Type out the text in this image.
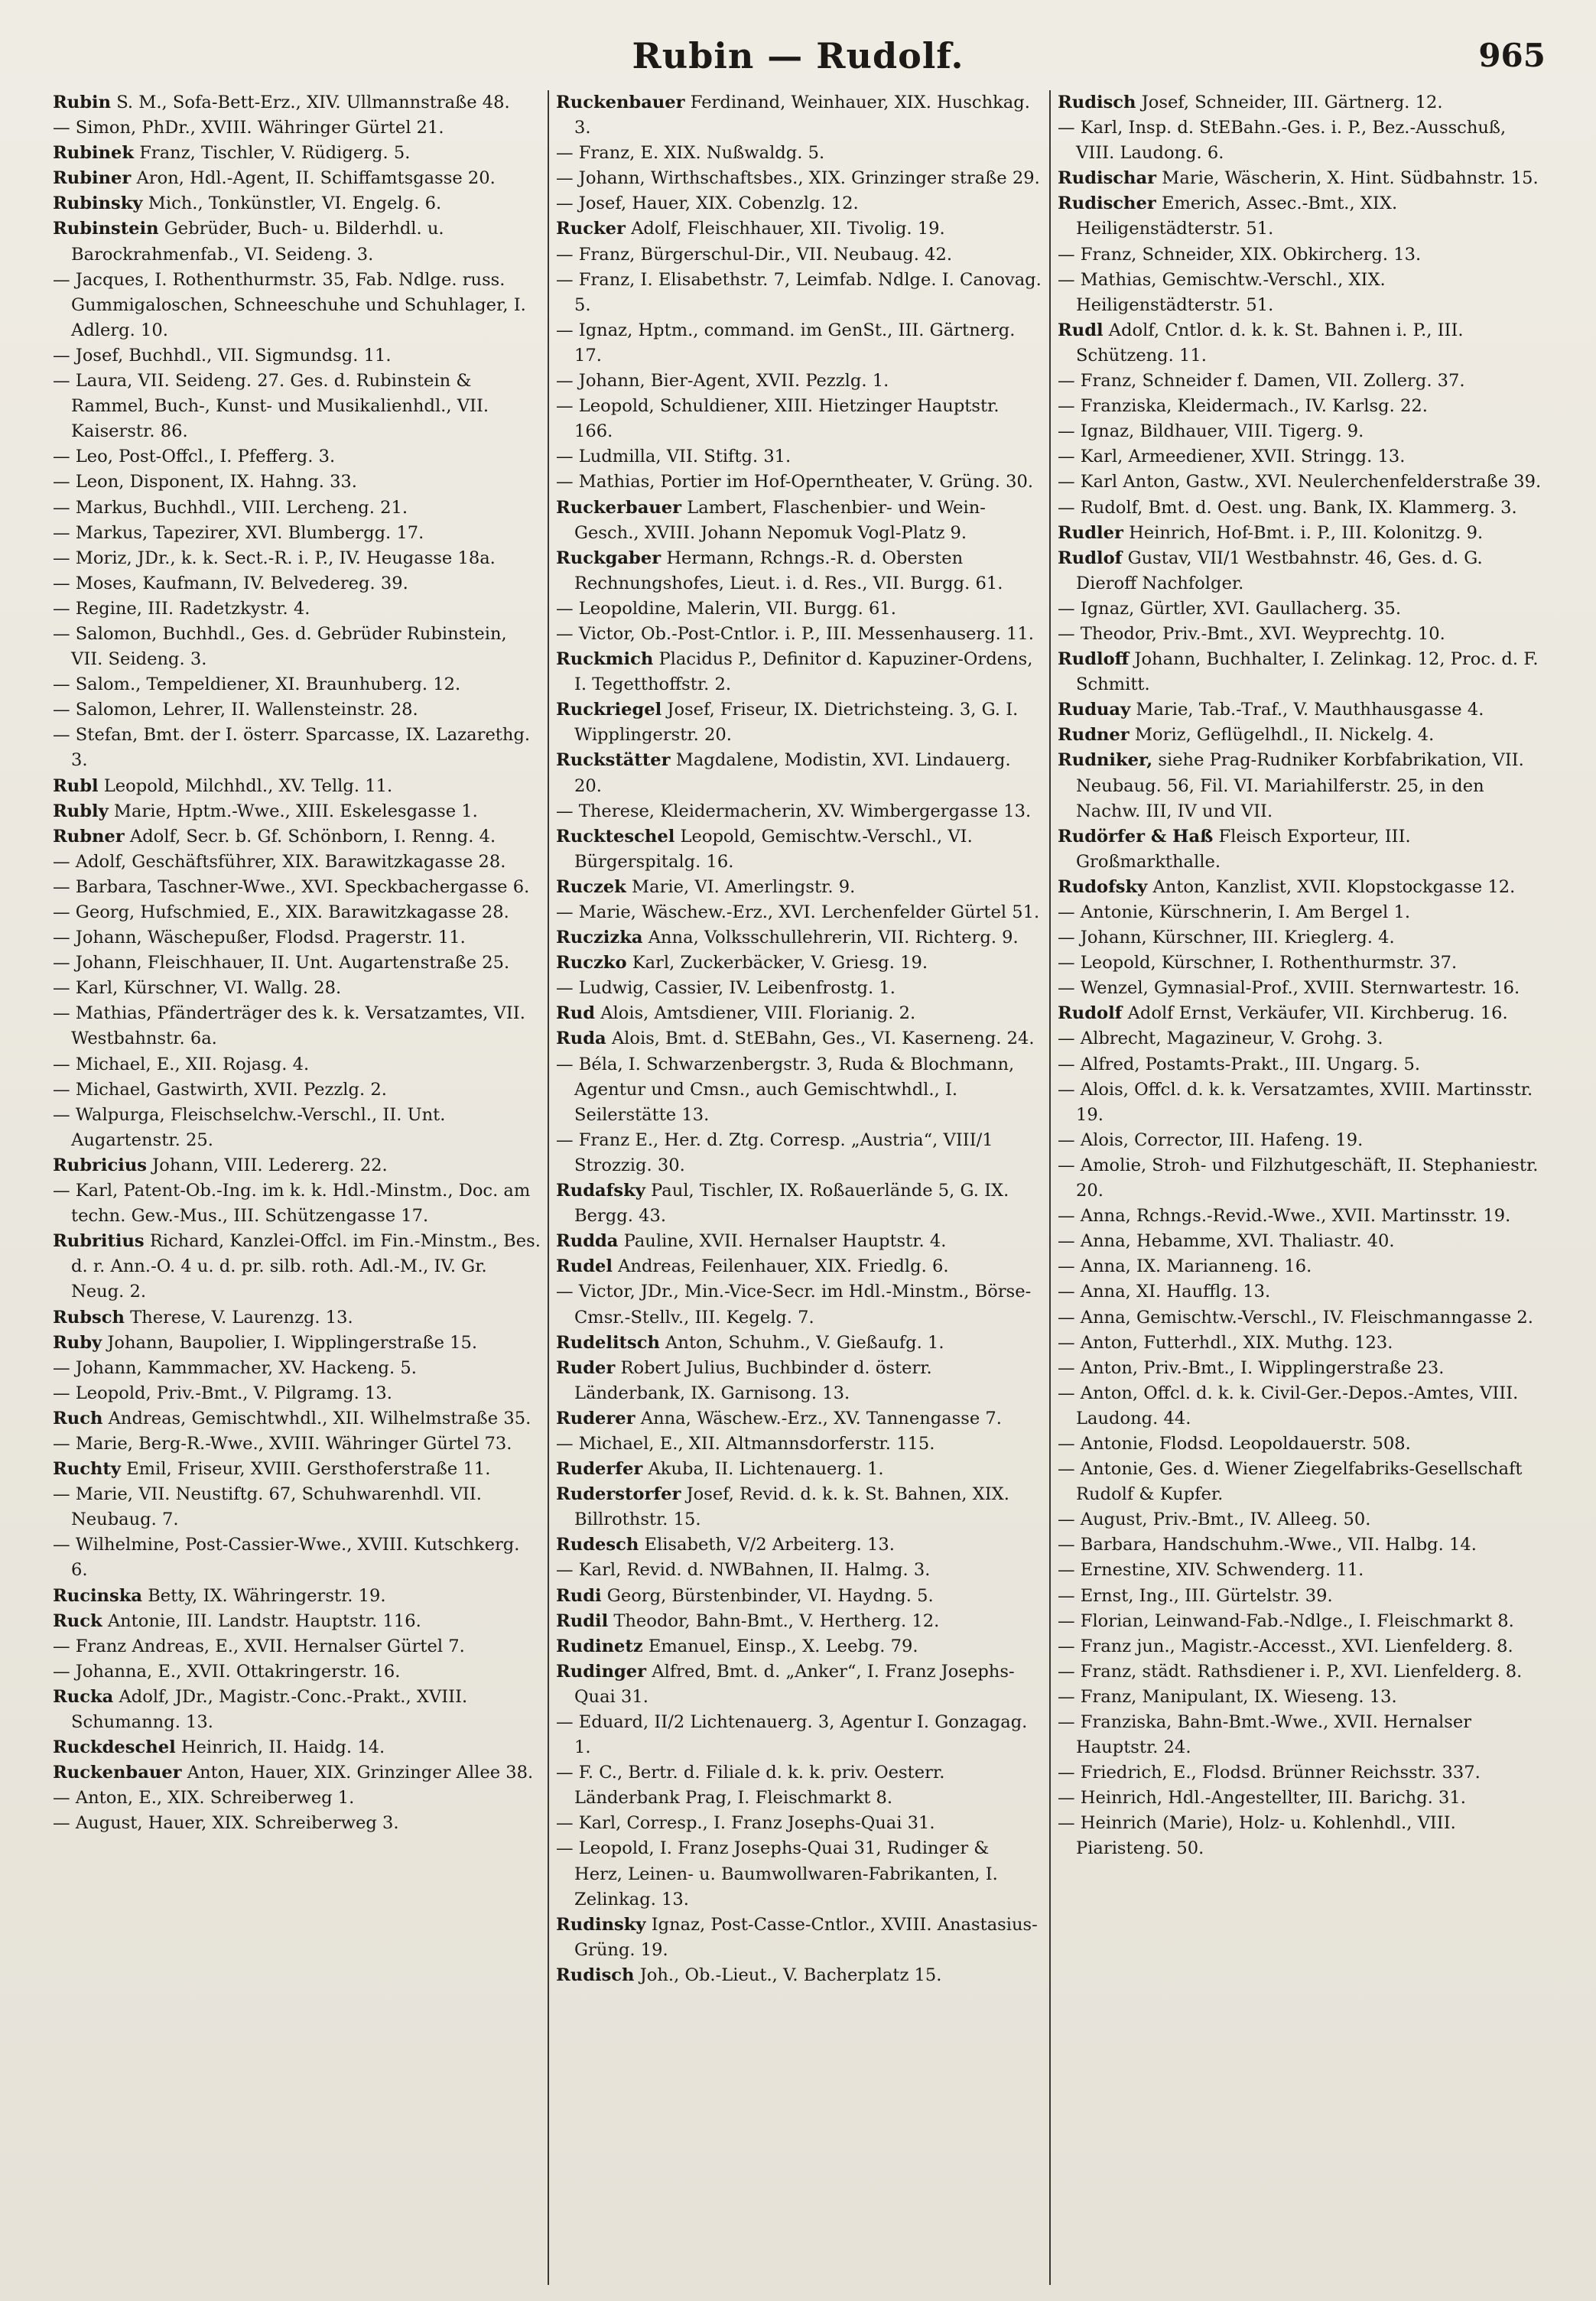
Rubin — Rudolf.	965

Rubin S. M., Sofa-Bett-Erz., XIV. Ullmannstraße 48.

— Simon, PhDr., XVIII. Währinger Gürtel 21.

Rubinek Franz, Tischler, V. Rüdigerg. 5.

Rubiner Aron, Hdl.-Agent, II. Schiffamtsgasse 20.

Rubinsky Mich., Tonkünstler, VI. Engelg. 6.

Rubinstein Gebrüder, Buch- u. Bilderhdl. u. Barockrahmenfab., VI. Seideng. 3.

— Jacques, I. Rothenthurmstr. 35, Fab. Ndlge. russ. Gummigaloschen, Schneeschuhe und Schuhlager, I. Adlerg. 10.

— Josef, Buchhdl., VII. Sigmundsg. 11.

— Laura, VII. Seideng. 27. Ges. d. Rubinstein & Rammel, Buch-, Kunst- und Musikalienhdl., VII. Kaiserstr. 86.

— Leo, Post-Offcl., I. Pfefferg. 3.

— Leon, Disponent, IX. Hahng. 33.

— Markus, Buchhdl., VIII. Lercheng. 21.

— Markus, Tapezirer, XVI. Blumbergg. 17.

— Moriz, JDr., k. k. Sect.-R. i. P., IV. Heugasse 18a.

— Moses, Kaufmann, IV. Belvedereg. 39.

— Regine, III. Radetzkystr. 4.

— Salomon, Buchhdl., Ges. d. Gebrüder Rubinstein, VII. Seideng. 3.

— Salom., Tempeldiener, XI. Braunhuberg. 12.

— Salomon, Lehrer, II. Wallensteinstr. 28.

— Stefan, Bmt. der I. österr. Sparcasse, IX. Lazarethg. 3.

Rubl Leopold, Milchhdl., XV. Tellg. 11.

Rubly Marie, Hptm.-Wwe., XIII. Eskelesgasse 1.

Rubner Adolf, Secr. b. Gf. Schönborn, I. Renng. 4.

— Adolf, Geschäftsführer, XIX. Barawitzkagasse 28.

— Barbara, Taschner-Wwe., XVI. Speckbachergasse 6.

— Georg, Hufschmied, E., XIX. Barawitzkagasse 28.

— Johann, Wäschepußer, Flodsd. Pragerstr. 11.

— Johann, Fleischhauer, II. Unt. Augartenstraße 25.

— Karl, Kürschner, VI. Wallg. 28.

— Mathias, Pfänderträger des k. k. Versatzamtes, VII. Westbahnstr. 6a.

— Michael, E., XII. Rojasg. 4.

— Michael, Gastwirth, XVII. Pezzlg. 2.

— Walpurga, Fleischselchw.-Verschl., II. Unt. Augartenstr. 25.

Rubricius Johann, VIII. Ledererg. 22.

— Karl, Patent-Ob.-Ing. im k. k. Hdl.-Minstm., Doc. am techn. Gew.-Mus., III. Schützengasse 17.

Rubritius Richard, Kanzlei-Offcl. im Fin.-Minstm., Bes. d. r. Ann.-O. 4 u. d. pr. silb. roth. Adl.-M., IV. Gr. Neug. 2.

Rubsch Therese, V. Laurenzg. 13.

Ruby Johann, Baupolier, I. Wipplingerstraße 15.

— Johann, Kammmacher, XV. Hackeng. 5.

— Leopold, Priv.-Bmt., V. Pilgramg. 13.

Ruch Andreas, Gemischtwhdl., XII. Wilhelmstraße 35.

— Marie, Berg-R.-Wwe., XVIII. Währinger Gürtel 73.

Ruchty Emil, Friseur, XVIII. Gersthoferstraße 11.

— Marie, VII. Neustiftg. 67, Schuhwarenhdl. VII. Neubaug. 7.

— Wilhelmine, Post-Cassier-Wwe., XVIII. Kutschkerg. 6.

Rucinska Betty, IX. Währingerstr. 19.

Ruck Antonie, III. Landstr. Hauptstr. 116.

— Franz Andreas, E., XVII. Hernalser Gürtel 7.

— Johanna, E., XVII. Ottakringerstr. 16.

Rucka Adolf, JDr., Magistr.-Conc.-Prakt., XVIII. Schumanng. 13.

Ruckdeschel Heinrich, II. Haidg. 14.

Ruckenbauer Anton, Hauer, XIX. Grinzinger Allee 38.

— Anton, E., XIX. Schreiberweg 1.

— August, Hauer, XIX. Schreiberweg 3.

Ruckenbauer Ferdinand, Weinhauer, XIX. Huschkag. 3.

— Franz, E. XIX. Nußwaldg. 5.

— Johann, Wirthschaftsbes., XIX. Grinzinger straße 29.

— Josef, Hauer, XIX. Cobenzlg. 12.

Rucker Adolf, Fleischhauer, XII. Tivolig. 19.

— Franz, Bürgerschul-Dir., VII. Neubaug. 42.

— Franz, I. Elisabethstr. 7, Leimfab. Ndlge. I. Canovag. 5.

— Ignaz, Hptm., command. im GenSt., III. Gärtnerg. 17.

— Johann, Bier-Agent, XVII. Pezzlg. 1.

— Leopold, Schuldiener, XIII. Hietzinger Hauptstr. 166.

— Ludmilla, VII. Stiftg. 31.

— Mathias, Portier im Hof-Operntheater, V. Grüng. 30.

Ruckerbauer Lambert, Flaschenbier- und Wein-Gesch., XVIII. Johann Nepomuk Vogl-Platz 9.

Ruckgaber Hermann, Rchngs.-R. d. Obersten Rechnungshofes, Lieut. i. d. Res., VII. Burgg. 61.

— Leopoldine, Malerin, VII. Burgg. 61.

— Victor, Ob.-Post-Cntlor. i. P., III. Messenhauserg. 11.

Ruckmich Placidus P., Definitor d. Kapuziner-Ordens, I. Tegetthoffstr. 2.

Ruckriegel Josef, Friseur, IX. Dietrichsteing. 3, G. I. Wipplingerstr. 20.

Ruckstätter Magdalene, Modistin, XVI. Lindauerg. 20.

— Therese, Kleidermacherin, XV. Wimbergergasse 13.

Ruckteschel Leopold, Gemischtw.-Verschl., VI. Bürgerspitalg. 16.

Ruczek Marie, VI. Amerlingstr. 9.

— Marie, Wäschew.-Erz., XVI. Lerchenfelder Gürtel 51.

Ruczizka Anna, Volksschullehrerin, VII. Richterg. 9.

Ruczko Karl, Zuckerbäcker, V. Griesg. 19.

— Ludwig, Cassier, IV. Leibenfrostg. 1.

Rud Alois, Amtsdiener, VIII. Florianig. 2.

Ruda Alois, Bmt. d. StEBahn, Ges., VI. Kaserneng. 24.

— Béla, I. Schwarzenbergstr. 3, Ruda & Blochmann, Agentur und Cmsn., auch Gemischtwhdl., I. Seilerstätte 13.

— Franz E., Her. d. Ztg. Corresp. „Austria“, VIII/1 Strozzig. 30.

Rudafsky Paul, Tischler, IX. Roßauerlände 5, G. IX. Bergg. 43.

Rudda Pauline, XVII. Hernalser Hauptstr. 4.

Rudel Andreas, Feilenhauer, XIX. Friedlg. 6.

— Victor, JDr., Min.-Vice-Secr. im Hdl.-Minstm., Börse-Cmsr.-Stellv., III. Kegelg. 7.

Rudelitsch Anton, Schuhm., V. Gießaufg. 1.

Ruder Robert Julius, Buchbinder d. österr. Länderbank, IX. Garnisong. 13.

Ruderer Anna, Wäschew.-Erz., XV. Tannengasse 7.

— Michael, E., XII. Altmannsdorferstr. 115.

Ruderfer Akuba, II. Lichtenauerg. 1.

Ruderstorfer Josef, Revid. d. k. k. St. Bahnen, XIX. Billrothstr. 15.

Rudesch Elisabeth, V/2 Arbeiterg. 13.

— Karl, Revid. d. NWBahnen, II. Halmg. 3.

Rudi Georg, Bürstenbinder, VI. Haydng. 5.

Rudil Theodor, Bahn-Bmt., V. Hertherg. 12.

Rudinetz Emanuel, Einsp., X. Leebg. 79.

Rudinger Alfred, Bmt. d. „Anker“, I. Franz Josephs-Quai 31.

— Eduard, II/2 Lichtenauerg. 3, Agentur I. Gonzagag. 1.

— F. C., Bertr. d. Filiale d. k. k. priv. Oesterr. Länderbank Prag, I. Fleischmarkt 8.

— Karl, Corresp., I. Franz Josephs-Quai 31.

— Leopold, I. Franz Josephs-Quai 31, Rudinger & Herz, Leinen- u. Baumwollwaren-Fabrikanten, I. Zelinkag. 13.

Rudinsky Ignaz, Post-Casse-Cntlor., XVIII. Anastasius-Grüng. 19.

Rudisch Joh., Ob.-Lieut., V. Bacherplatz 15.

Rudisch Josef, Schneider, III. Gärtnerg. 12.

— Karl, Insp. d. StEBahn.-Ges. i. P., Bez.-Ausschuß, VIII. Laudong. 6.

Rudischar Marie, Wäscherin, X. Hint. Südbahnstr. 15.

Rudischer Emerich, Assec.-Bmt., XIX. Heiligenstädterstr. 51.

— Franz, Schneider, XIX. Obkircherg. 13.

— Mathias, Gemischtw.-Verschl., XIX. Heiligenstädterstr. 51.

Rudl Adolf, Cntlor. d. k. k. St. Bahnen i. P., III. Schützeng. 11.

— Franz, Schneider f. Damen, VII. Zollerg. 37.

— Franziska, Kleidermach., IV. Karlsg. 22.

— Ignaz, Bildhauer, VIII. Tigerg. 9.

— Karl, Armeediener, XVII. Stringg. 13.

— Karl Anton, Gastw., XVI. Neulerchenfelderstraße 39.

— Rudolf, Bmt. d. Oest. ung. Bank, IX. Klammerg. 3.

Rudler Heinrich, Hof-Bmt. i. P., III. Kolonitzg. 9.

Rudlof Gustav, VII/1 Westbahnstr. 46, Ges. d. G. Dieroff Nachfolger.

— Ignaz, Gürtler, XVI. Gaullacherg. 35.

— Theodor, Priv.-Bmt., XVI. Weyprechtg. 10.

Rudloff Johann, Buchhalter, I. Zelinkag. 12, Proc. d. F. Schmitt.

Ruduay Marie, Tab.-Traf., V. Mauthhausgasse 4.

Rudner Moriz, Geflügelhdl., II. Nickelg. 4.

Rudniker, siehe Prag-Rudniker Korbfabrikation, VII. Neubaug. 56, Fil. VI. Mariahilferstr. 25, in den Nachw. III, IV und VII.

Rudörfer & Haß Fleisch Exporteur, III. Großmarkthalle.

Rudofsky Anton, Kanzlist, XVII. Klopstockgasse 12.

— Antonie, Kürschnerin, I. Am Bergel 1.

— Johann, Kürschner, III. Krieglerg. 4.

— Leopold, Kürschner, I. Rothenthurmstr. 37.

— Wenzel, Gymnasial-Prof., XVIII. Sternwartestr. 16.

Rudolf Adolf Ernst, Verkäufer, VII. Kirchberug. 16.

— Albrecht, Magazineur, V. Grohg. 3.

— Alfred, Postamts-Prakt., III. Ungarg. 5.

— Alois, Offcl. d. k. k. Versatzamtes, XVIII. Martinsstr. 19.

— Alois, Corrector, III. Hafeng. 19.

— Amolie, Stroh- und Filzhutgeschäft, II. Stephaniestr. 20.

— Anna, Rchngs.-Revid.-Wwe., XVII. Martinsstr. 19.

— Anna, Hebamme, XVI. Thaliastr. 40.

— Anna, IX. Marianneng. 16.

— Anna, XI. Haufflg. 13.

— Anna, Gemischtw.-Verschl., IV. Fleischmanngasse 2.

— Anton, Futterhdl., XIX. Muthg. 123.

— Anton, Priv.-Bmt., I. Wipplingerstraße 23.

— Anton, Offcl. d. k. k. Civil-Ger.-Depos.-Amtes, VIII. Laudong. 44.

— Antonie, Flodsd. Leopoldauerstr. 508.

— Antonie, Ges. d. Wiener Ziegelfabriks-Gesellschaft Rudolf & Kupfer.

— August, Priv.-Bmt., IV. Alleeg. 50.

— Barbara, Handschuhm.-Wwe., VII. Halbg. 14.

— Ernestine, XIV. Schwenderg. 11.

— Ernst, Ing., III. Gürtelstr. 39.

— Florian, Leinwand-Fab.-Ndlge., I. Fleischmarkt 8.

— Franz jun., Magistr.-Accesst., XVI. Lienfelderg. 8.

— Franz, städt. Rathsdiener i. P., XVI. Lienfelderg. 8.

— Franz, Manipulant, IX. Wieseng. 13.

— Franziska, Bahn-Bmt.-Wwe., XVII. Hernalser Hauptstr. 24.

— Friedrich, E., Flodsd. Brünner Reichsstr. 337.

— Heinrich, Hdl.-Angestellter, III. Barichg. 31.

— Heinrich (Marie), Holz- u. Kohlenhdl., VIII. Piaristeng. 50.
